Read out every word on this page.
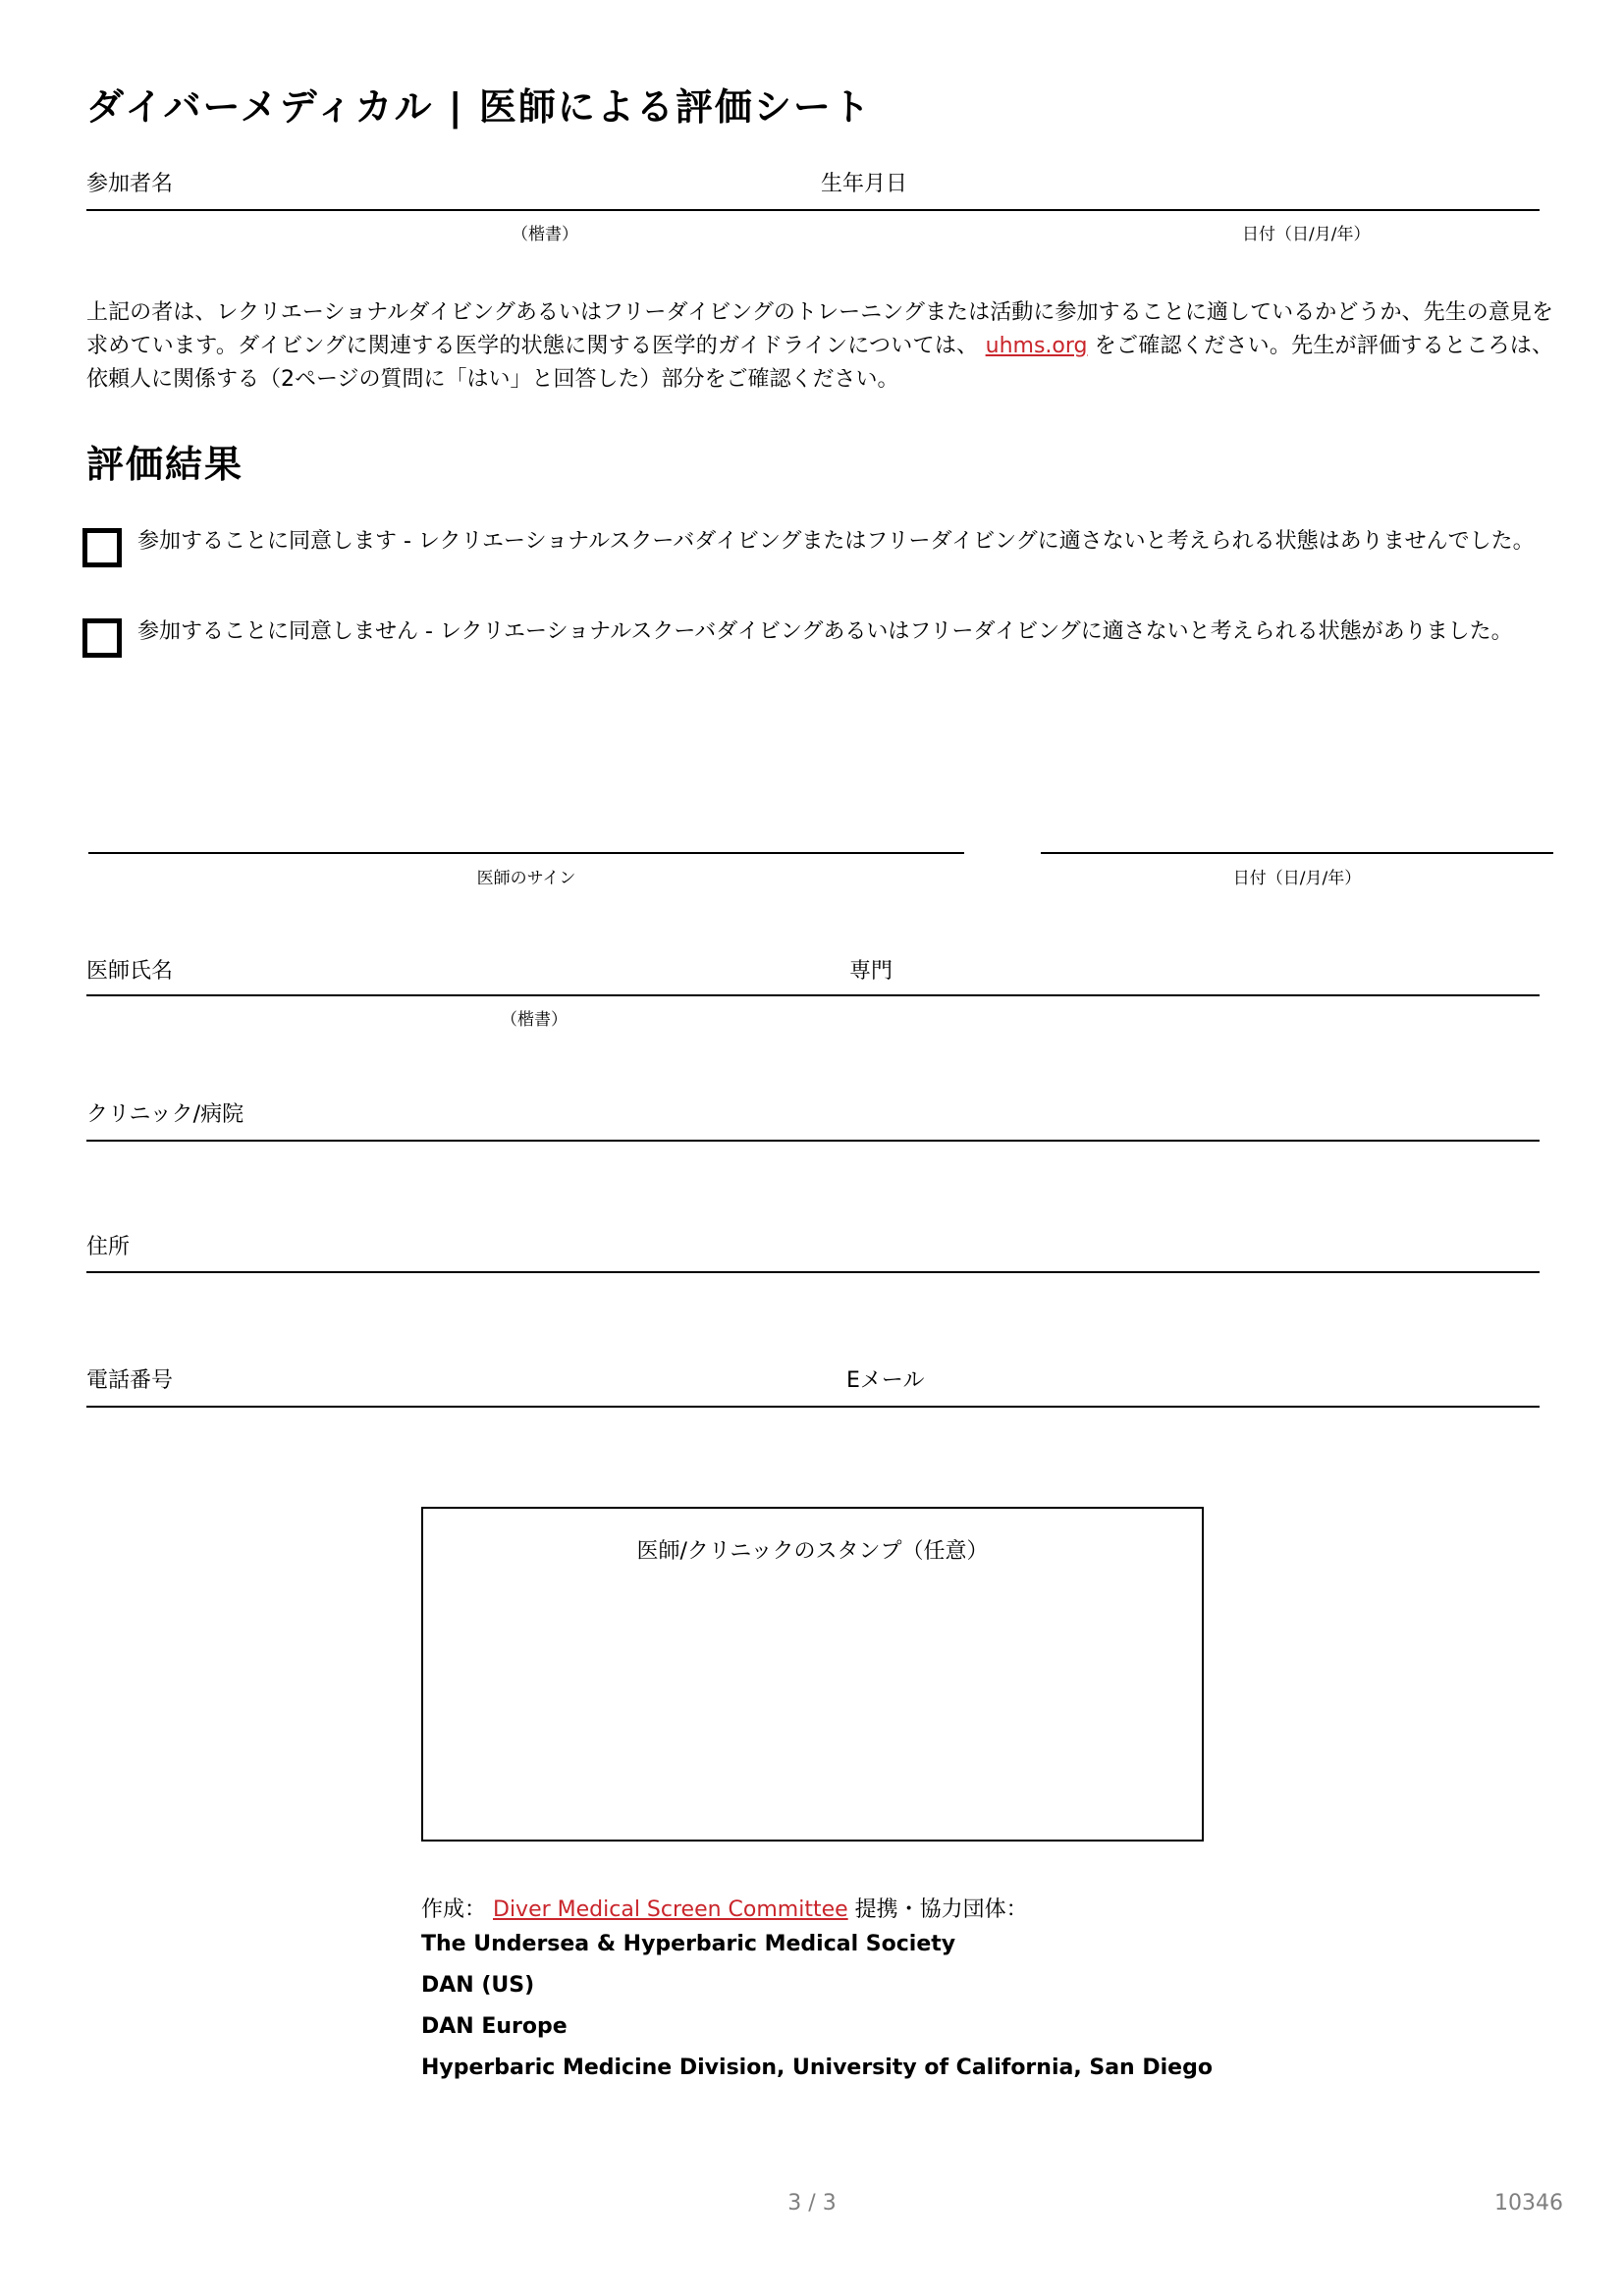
ダイバーメディカル | 医師による評価シート
参加者名	生年月日
（楷書）	日付（日/月/年）

上記の者は、レクリエーショナルダイビングあるいはフリーダイビングのトレーニングまたは活動に参加することに適しているかどうか、先生の意見を求めています。ダイビングに関連する医学的状態に関する医学的ガイドラインについては、 uhms.org をご確認ください。先生が評価するところは、依頼人に関係する（2ページの質問に「はい」と回答した）部分をご確認ください。

評価結果
参加することに同意します - レクリエーショナルスクーバダイビングまたはフリーダイビングに適さないと考えられる状態はありませんでした。
参加することに同意しません - レクリエーショナルスクーバダイビングあるいはフリーダイビングに適さないと考えられる状態がありました。
医師のサイン	日付（日/月/年）
医師氏名	専門
（楷書）
クリニック/病院
住所
電話番号	Eメール
医師/クリニックのスタンプ（任意）
作成： Diver Medical Screen Committee 提携・協力団体：
The Undersea & Hyperbaric Medical Society
DAN (US)
DAN Europe
Hyperbaric Medicine Division, University of California, San Diego
3 / 3	10346
